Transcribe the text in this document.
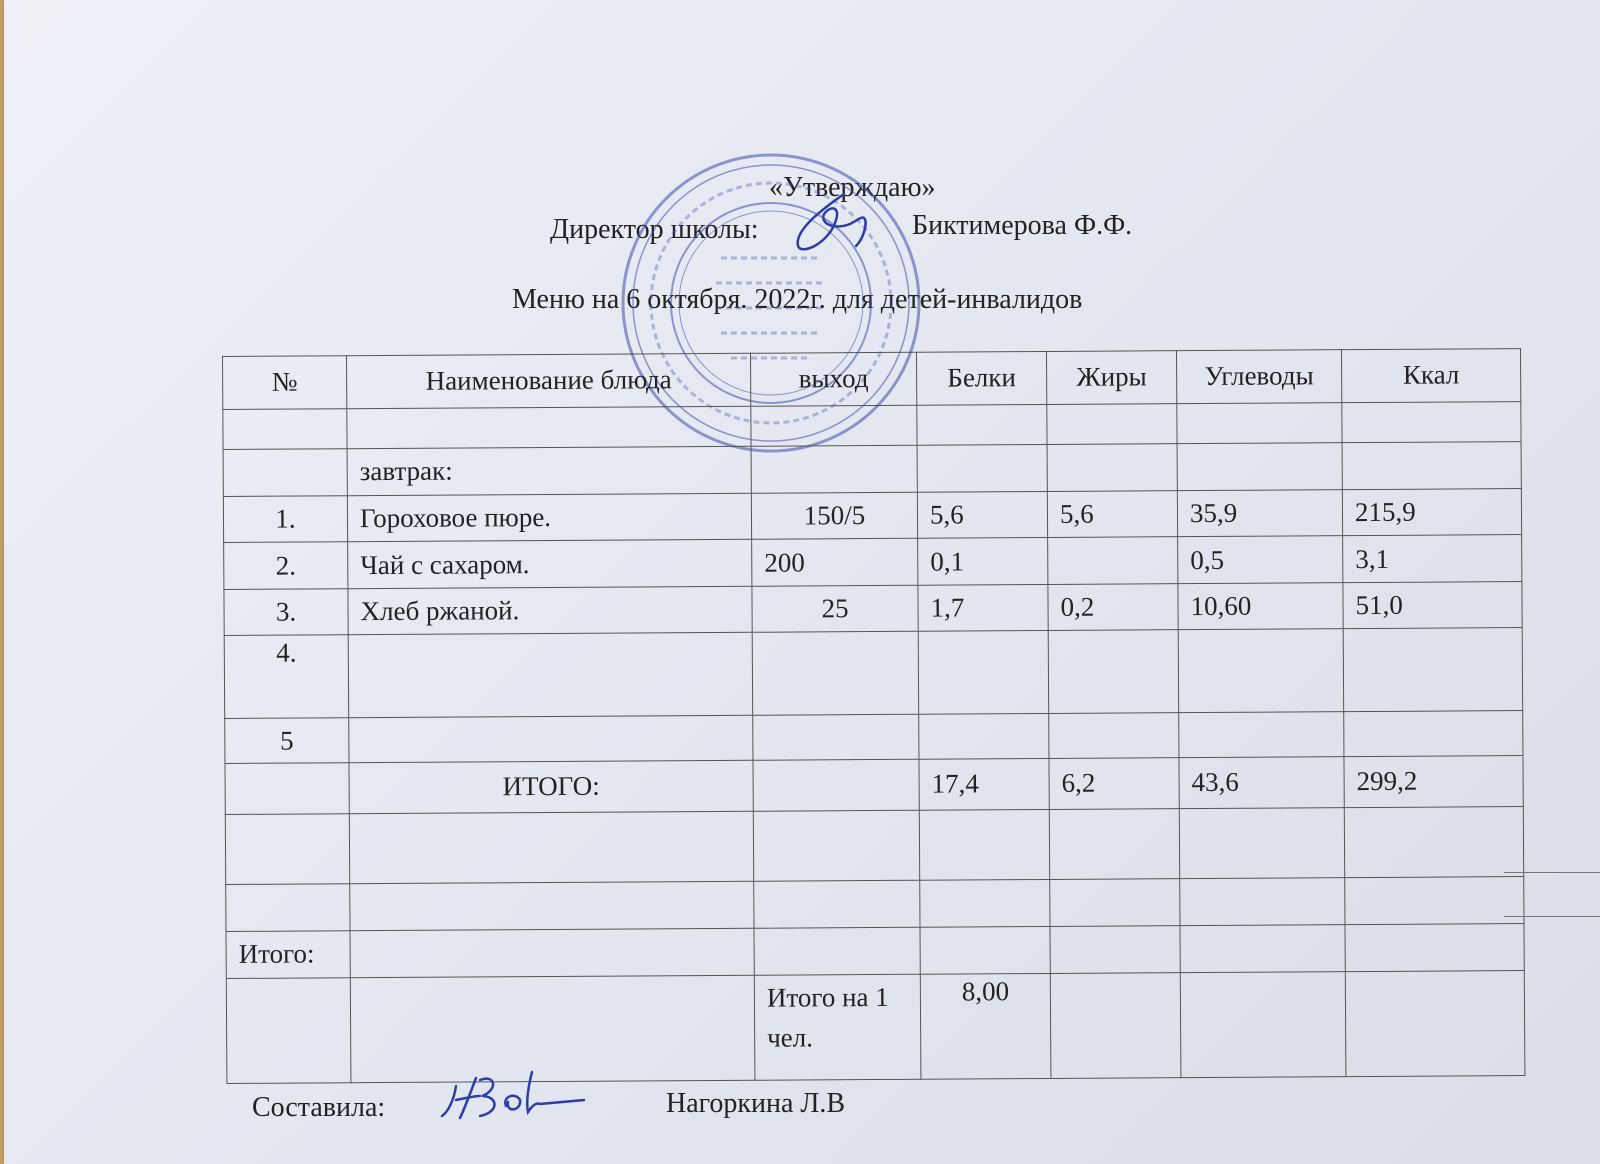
«Утверждаю»
Директор школы:	Биктимерова Ф.Ф.
Меню на 6 октября. 2022г. для детей-инвалидов
№	Наименование блюда	выход	Белки	Жиры	Углеводы	Ккал

	завтрак:					
1.	Гороховое пюре.	150/5	5,6	5,6	35,9	215,9
2.	Чай с сахаром.	200	0,1		0,5	3,1
3.	Хлеб ржаной.	25	1,7	0,2	10,60	51,0
4.						
5						
	ИТОГО:		17,4	6,2	43,6	299,2

Итого:						
		Итого на 1 чел.	8,00			
Составила:	Нагоркина Л.В
